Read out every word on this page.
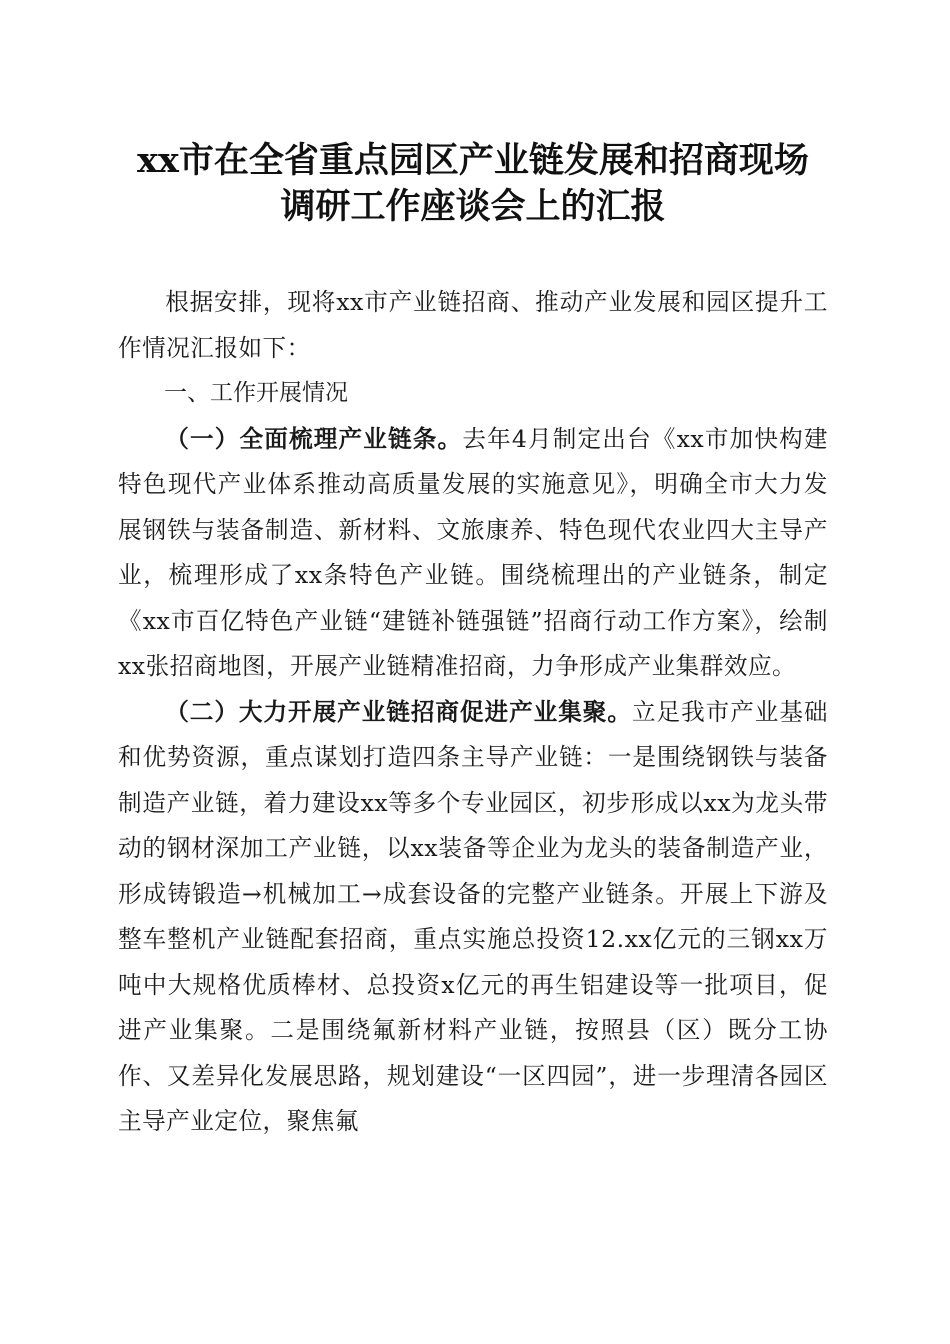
xx市在全省重点园区产业链发展和招商现场
调研工作座谈会上的汇报

根据安排，现将xx市产业链招商、推动产业发展和园区提升工作情况汇报如下：

一、工作开展情况

（一）全面梳理产业链条。去年4月制定出台《xx市加快构建特色现代产业体系推动高质量发展的实施意见》，明确全市大力发展钢铁与装备制造、新材料、文旅康养、特色现代农业四大主导产业，梳理形成了xx条特色产业链。围绕梳理出的产业链条，制定《xx市百亿特色产业链“建链补链强链”招商行动工作方案》，绘制xx张招商地图，开展产业链精准招商，力争形成产业集群效应。

（二）大力开展产业链招商促进产业集聚。立足我市产业基础和优势资源，重点谋划打造四条主导产业链：一是围绕钢铁与装备制造产业链，着力建设xx等多个专业园区，初步形成以xx为龙头带动的钢材深加工产业链，以xx装备等企业为龙头的装备制造产业，形成铸锻造→机械加工→成套设备的完整产业链条。开展上下游及整车整机产业链配套招商，重点实施总投资12.xx亿元的三钢xx万吨中大规格优质棒材、总投资x亿元的再生铝建设等一批项目，促进产业集聚。二是围绕氟新材料产业链，按照县（区）既分工协作、又差异化发展思路，规划建设“一区四园”，进一步理清各园区主导产业定位，聚焦氟
